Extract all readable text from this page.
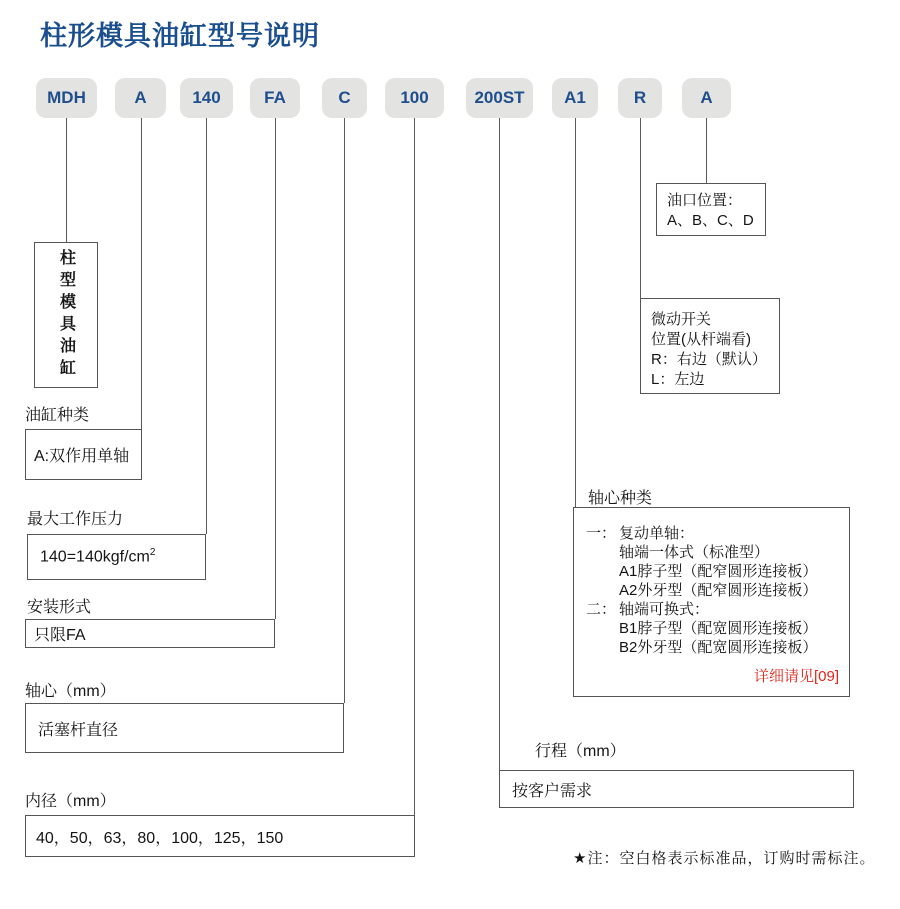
柱形模具油缸型号说明
MDH	A	140	FA	C	100	200ST	A1	R	A
柱型模具油缸
油缸种类
A:双作用单轴
最大工作压力
$140=140kgf/cm^2$
安装形式
只限FA
轴心（mm）
活塞杆直径
内径（mm）
40，50，63，80，100，125，150
行程（mm）
按客户需求
轴心种类
一： 复动单轴：
轴端一体式（标准型）
A1脖子型（配窄圆形连接板）
A2外牙型（配窄圆形连接板）
二： 轴端可换式：
B1脖子型（配宽圆形连接板）
B2外牙型（配宽圆形连接板）
详细请见[09]
微动开关
位置(从杆端看)
R：右边（默认）
L：左边
油口位置：
A、B、C、D
★注：空白格表示标准品，订购时需标注。
